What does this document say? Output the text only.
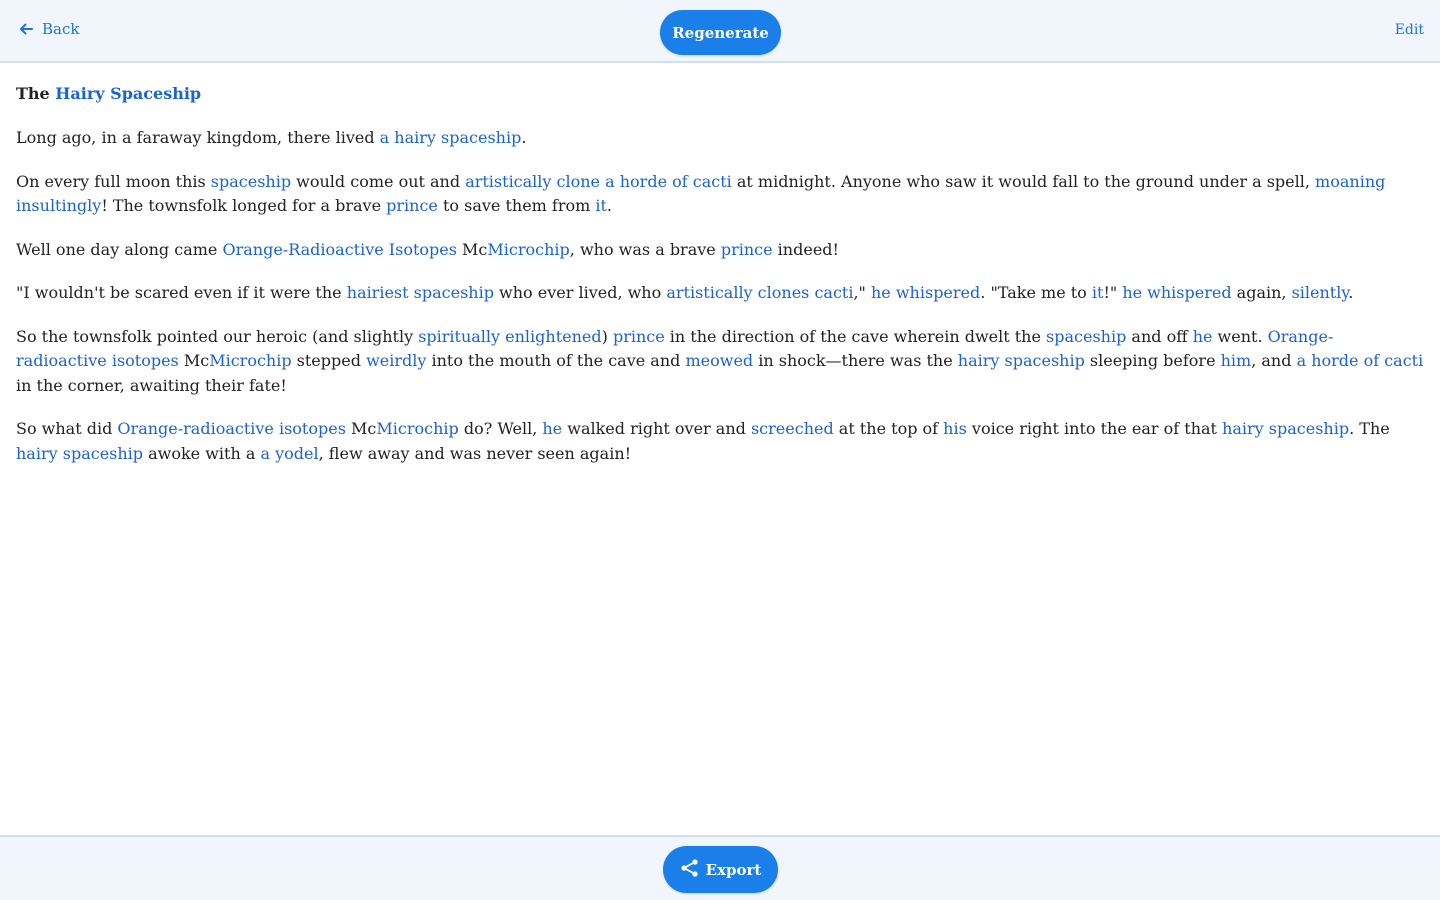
Back	Regenerate	Edit
The Hairy Spaceship

Long ago, in a faraway kingdom, there lived a hairy spaceship.

On every full moon this spaceship would come out and artistically clone a horde of cacti at midnight. Anyone who saw it would fall to the ground under a spell, moaning insultingly! The townsfolk longed for a brave prince to save them from it.

Well one day along came Orange-Radioactive Isotopes McMicrochip, who was a brave prince indeed!

"I wouldn't be scared even if it were the hairiest spaceship who ever lived, who artistically clones cacti," he whispered. "Take me to it!" he whispered again, silently.

So the townsfolk pointed our heroic (and slightly spiritually enlightened) prince in the direction of the cave wherein dwelt the spaceship and off he went. Orange-radioactive isotopes McMicrochip stepped weirdly into the mouth of the cave and meowed in shock—there was the hairy spaceship sleeping before him, and a horde of cacti in the corner, awaiting their fate!

So what did Orange-radioactive isotopes McMicrochip do? Well, he walked right over and screeched at the top of his voice right into the ear of that hairy spaceship. The hairy spaceship awoke with a a yodel, flew away and was never seen again!

Export
